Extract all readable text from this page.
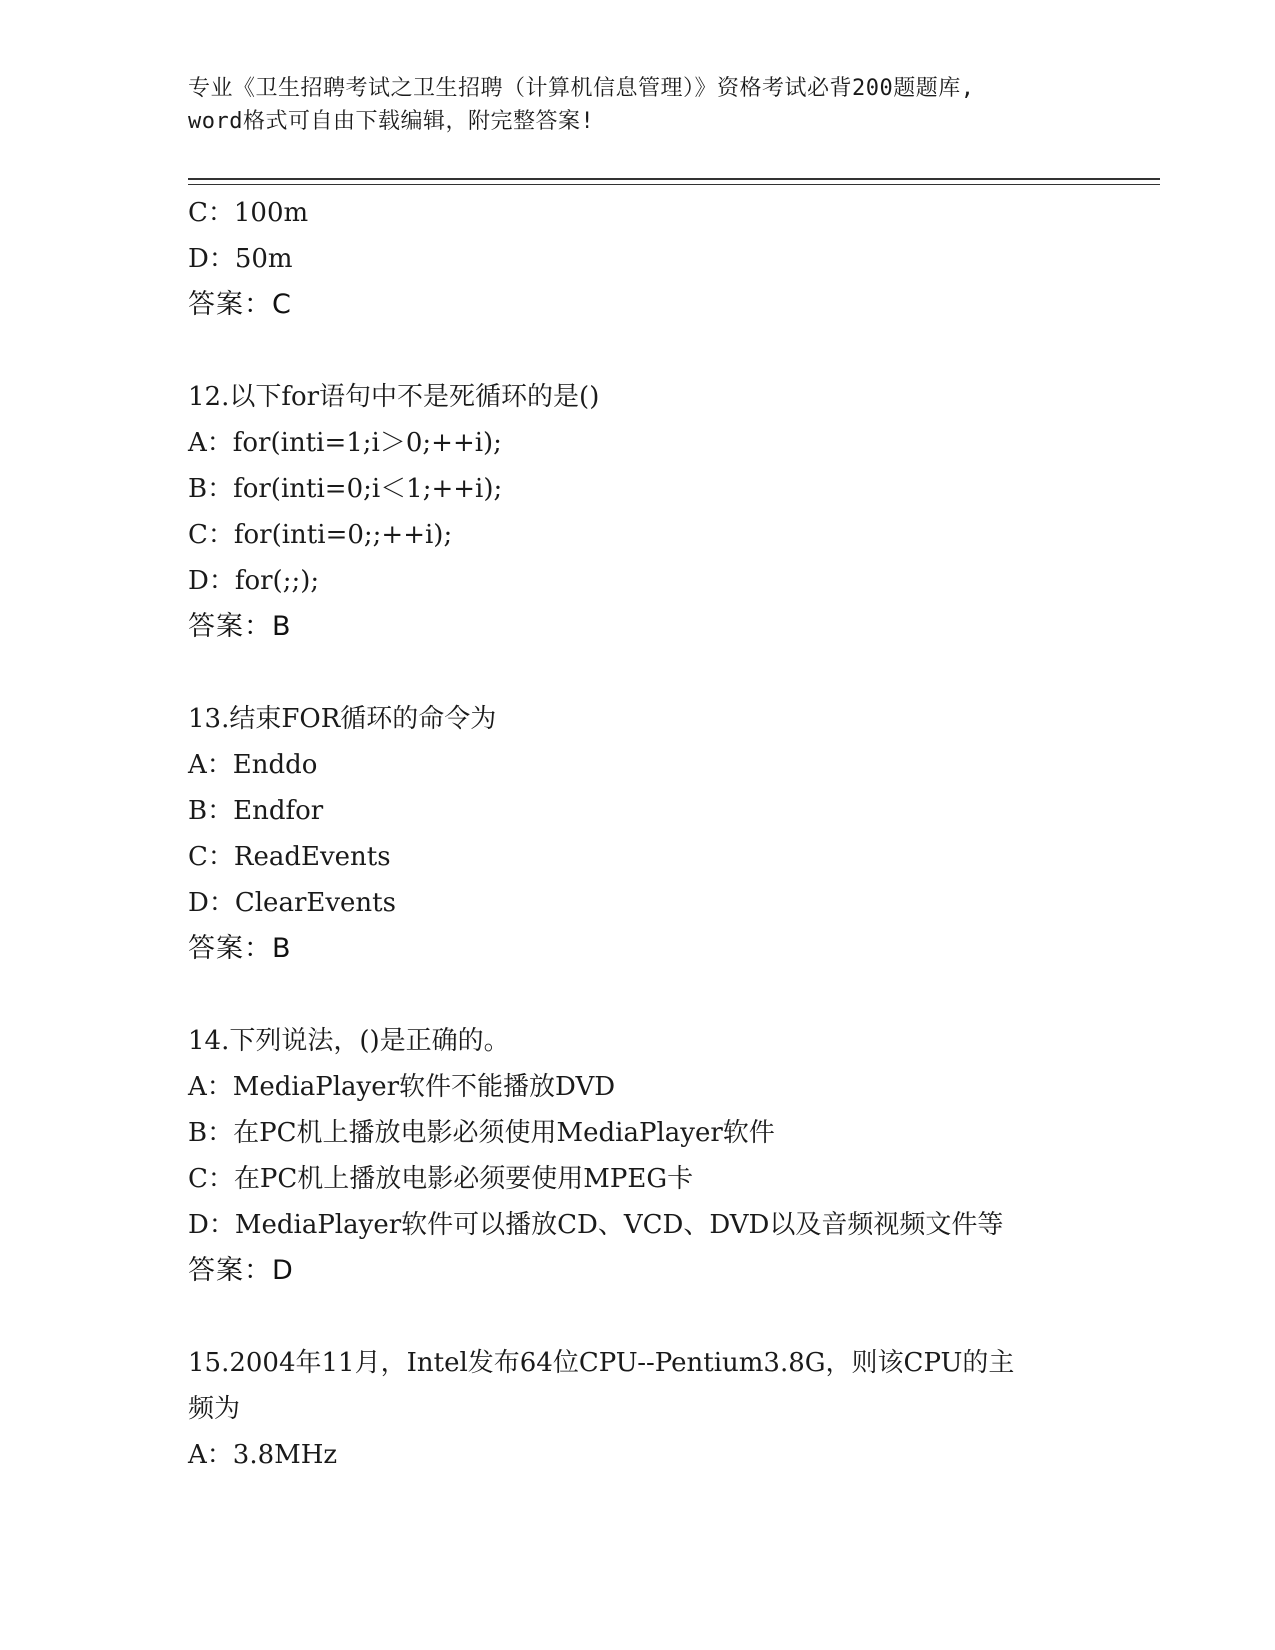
专业《卫生招聘考试之卫生招聘（计算机信息管理）》资格考试必背200题题库,
word格式可自由下载编辑，附完整答案!
C：100m
D：50m
答案：C
12.以下for语句中不是死循环的是()
A：for(inti=1;i＞0;++i);
B：for(inti=0;i＜1;++i);
C：for(inti=0;;++i);
D：for(;;);
答案：B
13.结束FOR循环的命令为
A：Enddo
B：Endfor
C：ReadEvents
D：ClearEvents
答案：B
14.下列说法，()是正确的。
A：MediaPlayer软件不能播放DVD
B：在PC机上播放电影必须使用MediaPlayer软件
C：在PC机上播放电影必须要使用MPEG卡
D：MediaPlayer软件可以播放CD、VCD、DVD以及音频视频文件等
答案：D
15.2004年11月，Intel发布64位CPU--Pentium3.8G，则该CPU的主
频为
A：3.8MHz
